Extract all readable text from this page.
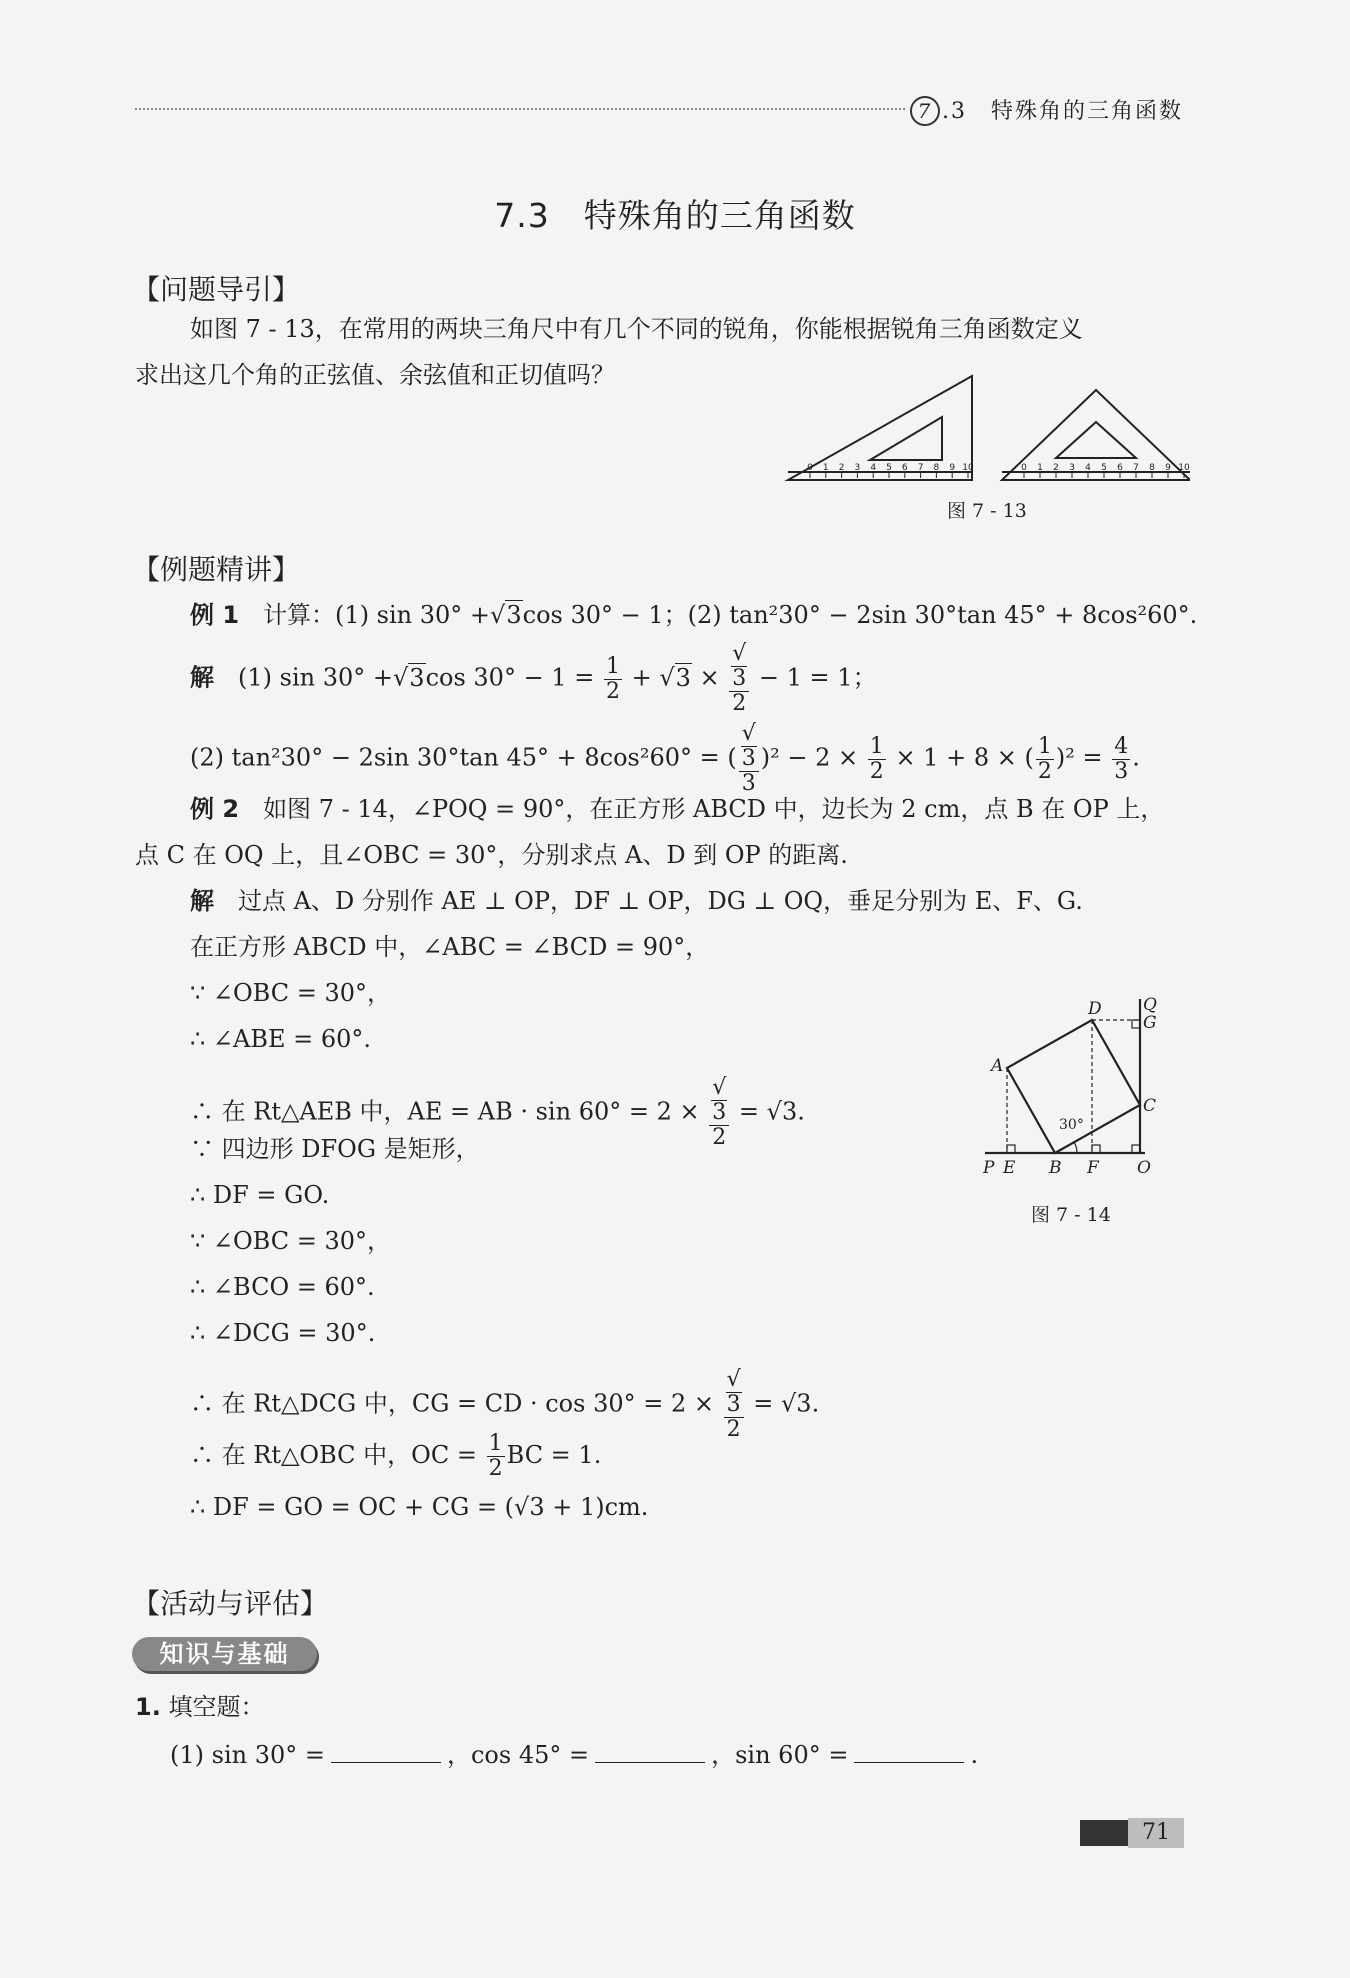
7 .3　 特殊角的三角函数
7.3　特殊角的三角函数
【问题导引】
如图 7 - 13，在常用的两块三角尺中有几个不同的锐角，你能根据锐角三角函数定义
求出这几个角的正弦值、余弦值和正切值吗？
0 1 2 3 4 5 6 7 8 9 10	0 1 2 3 4 5 6 7 8 9 10
图 7 - 13
【例题精讲】
例 1　 计算：(1) sin 30° +√3cos 30° − 1；(2) tan²30° − 2sin 30°tan 45° + 8cos²60°.
解　 (1) sin 30° +√3cos $30^\circ - 1 = \frac{1}{2} + √3$ × √
3
2 − 1 = 1；
(2) tan²30° − 2sin 30°tan 45° + 8cos²60° = ( √
3
3 )$^2 - 2 \times \frac{1}{2} \times 1 + 8$ × ( $\frac{1}{2} )^2 = \frac{4}{3}$ .
例 2　 如图 7 - 14，∠POQ = 90°，在正方形 ABCD 中，边长为 2 cm，点 B 在 OP 上，
点 C 在 OQ 上，且∠OBC = 30°，分别求点 A、D 到 OP 的距离.
解　 过点 A、D 分别作 AE ⊥ OP，DF ⊥ OP，DG ⊥ OQ，垂足分别为 E、F、G.
在正方形 ABCD 中，∠ABC = ∠BCD = 90°，
∵ ∠OBC = 30°，
∴ ∠ABE = 60°.
∴ 在 Rt△AEB 中，AE = AB · sin 60° = 2 × √
3
2 = √3.
∵ 四边形 DFOG 是矩形，
∴ DF = GO.
∵ ∠OBC = 30°，
∴ ∠BCO = 60°.
∴ ∠DCG = 30°.
∴ 在 Rt△DCG 中，CG = CD · cos 30° = 2 × √
3
2 = √3.
∴ 在 Rt△OBC 中，OC = $\frac{1}{2}$ BC = 1.
∴ DF = GO = OC + CG = (√3 + 1)cm.
D Q
G
A
C
P E B F O
30°
图 7 - 14
【活动与评估】
知识与基础
1. 填空题：
(1) sin 30° =	，cos 45° =	，sin 60° =	.
71
